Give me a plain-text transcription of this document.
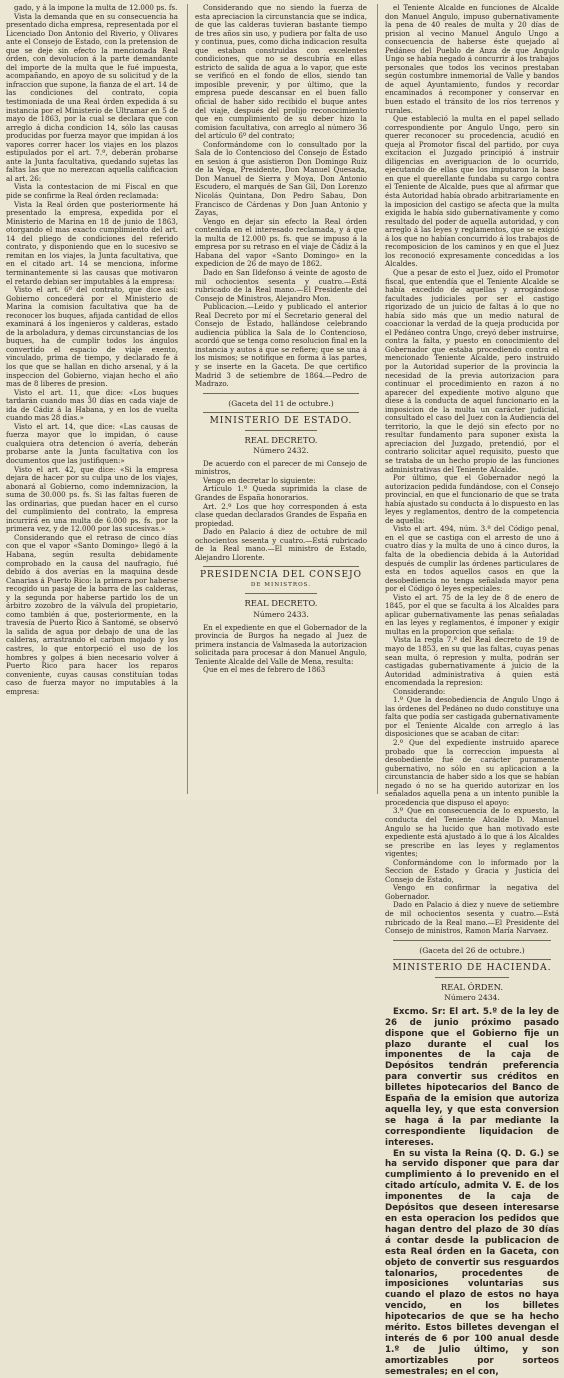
gado, y á la impone la multa de 12.000 ps. fs.

Vista la demanda que en su consecuencia ha presentado dicha empresa, representada por el Licenciado Don Antonio del Riverio, y Olivares ante el Consejo de Estado, con la pretension de que se deje sin efecto la mencionada Real órden, con devolucion á la parte demandante del importe de la multa que le fué impuesta, acompañando, en apoyo de su solicitud y de la infraccion que supone, la fianza de el art. 14 de las condiciones del contrato, copia testimoniada de una Real órden expedida á su instancia por el Ministerio de Ultramar en 5 de mayo de 1863, por la cual se declara que con arreglo á dicha condicion 14, sólo las causas producidas por fuerza mayor que impidan á los vapores correr hacer los viajes en los plazos estipulados por el art. 7.º, deberán probarse ante la Junta facultativa, quedando sujetas las faltas las que no merezcan aquella calificacion al art. 26:

Vista la contestacion de mi Fiscal en que pide se confirme la Real órden reclamada:

Vista la Real órden que posteriormente há presentado la empresa, expedida por el Ministerio de Marina en 18 de junio de 1863, otorgando el mas exacto cumplimiento del art. 14 del pliego de condiciones del referido contrato, y disponiendo que en lo sucesivo se remitan en los viajes, la Junta facultativa, que en el citado art. 14 se menciona, informe terminantemente si las causas que motivaron el retardo debian ser imputables á la empresa:

Visto el art. 6º del contrato, que dice así: Gobierno concederá por el Ministerio de Marina la comision facultativa que ha de reconocer los buques, afijada cantidad de ellos examinará á los ingenieros y calderas, estado de la arboladura, y demas circunstancias de los buques, ha de cumplir todos los ángulos convertido el espacio de viaje exento, vinculado, prima de tiempo, y declarado fe á los que que se hallan en dicho arsenal, y á la inspeccion del Gobierno, viajan hecho el año mas de 8 liberes de presion.

Visto el art. 11, que dice: «Los buques tardarán cuando mas 30 días en cada viaje de ida de Cádiz á la Habana, y en los de vuelta cuando mas 28 días.»

Visto el art. 14, que dice: «Las causas de fuerza mayor que lo impidan, ó cause cualquiera otra detencion ó avería, deberán probarse ante la Junta facultativa con los documentos que las justifiquen:»

Visto el art. 42, que dice: «Si la empresa dejara de hacer por su culpa uno de los viajes, abonará al Gobierno, como indemnizacion, la suma de 30.000 ps. fs. Si las faltas fueren de las ordinarias, que puedan hacer en el curso del cumplimiento del contrato, la empresa incurrirá en una multa de 6.000 ps. fs. por la primera vez, y de 12.000 por las sucesivas.»

Considerando que el retraso de cinco días con que el vapor «Santo Domingo» llegó á la Habana, según resulta debidamente comprobado en la causa del naufragio, fué debido á dos averías en la maquina desde Canarias á Puerto Rico: la primera por haberse recogido un pasaje de la barra de las calderas, y la segunda por haberse partido los de un árbitro zozobro de la válvula del propietario, como también á que, posteriormente, en la travesía de Puerto Rico á Santomé, se observó la salida de agua por debajo de una de las calderas, arrastrando el carbon mojado y los castres, lo que entorpeció el uso de los hombres y golpes á bien necesario volver á Puerto Rico para hacer los reparos conveniente, cuyas causas constituían todas caso de fuerza mayor no imputables á la empresa:

Considerando que no siendo la fuerza de esta apreciacion la circunstancia que se indica, de que las calderas tuvieran bastante tiempo de tres años sin uso, y pudiera por falta de uso y continua, pues, como dicha indicacion resulta que estaban construidas con excelentes condiciones, que no se descubría en ellas estricto de salida de agua a lo vapor, que este se verificó en el fondo de ellos, siendo tan imposible prevenir, y por último, que la empresa puede descansar en el buen fallo oficial de haber sido recibido el buque antes del viaje, después del prolijo reconocimiento que en cumplimiento de su deber hizo la comision facultativa, con arreglo al número 36 del artículo 6º del contrato;

Conformándome con lo consultado por la Sala de lo Contencioso del Consejo de Estado en sesion á que asistieron Don Domingo Ruiz de la Vega, Presidente, Don Manuel Quesada, Don Manuel de Sierra y Moya, Don Antonio Escudero, el marqués de San Gil, Don Lorenzo Nicolás Quintana, Don Pedro Sabau, Don Francisco de Cárdenas y Don Juan Antonio y Zayas,

Vengo en dejar sin efecto la Real órden contenida en el interesado reclamada, y á que la multa de 12.000 ps. fs. que se impuso á la empresa por su retraso en el viaje de Cádiz á la Habana del vapor «Santo Domingo» en la expedicion de 26 de mayo de 1862.

Dado en San Ildefonso á veinte de agosto de mil ochocientos sesenta y cuatro.—Está rubricado de la Real mano.—El Presidente del Consejo de Ministros, Alejandro Mon.

Publicacion.—Leido y publicado el anterior Real Decreto por mí el Secretario general del Consejo de Estado, hallándose celebrando audiencia pública la Sala de lo Contencioso, acordó que se tenga como resolucion final en la instancia y autos á que se refiere; que se una á los mismos; se notifique en forma á las partes, y se inserte en la Gaceta. De que certifico Madrid 3 de setiembre de 1864.—Pedro de Madrazo.

(Gaceta del 11 de octubre.)
MINISTERIO DE ESTADO.
REAL DECRETO.
Número 2432.

De acuerdo con el parecer de mi Consejo de ministros,

Vengo en decretar lo siguiente:

Artículo 1.º Queda suprimida la clase de Grandes de España honorarios.

Art. 2.º Los que hoy corresponden á esta clase quedan declarados Grandes de España en propiedad.

Dado en Palacio á diez de octubre de mil ochocientos sesenta y cuatro.—Está rubricado de la Real mano.—El ministro de Estado, Alejandro Llorente.

PRESIDENCIA DEL CONSEJO
DE MINISTROS.
REAL DECRETO.
Número 2433.

En el expediente en que el Gobernador de la provincia de Burgos ha negado al Juez de primera instancia de Valmaseda la autorizacion solicitada para procesar á don Manuel Angulo, Teniente Alcalde del Valle de Mena, resulta:

Que en el mes de febrero de 1863

el Teniente Alcalde en funciones de Alcalde don Manuel Angulo, impuso gubernativamente la pena de 40 reales de multa y 20 días de prision al vecino Manuel Angulo Ungo a consecuencia de haberse éste quejado al Pedáneo del Pueblo de Anza de que Angulo Ungo se había negado á concurrir á los trabajos personales que todos los vecinos prestaban según costumbre inmemorial de Valle y bandos de aquel Ayuntamiento, fundos y recordar encaminados á recomponer y conservar en buen estado el tránsito de los ríos terrenos y rurales.

Que estableció la multa en el papel sellado correspondiente por Angulo Ungo, pero sin querer reconocer su procedencia, acudió en queja al Promotor fiscal del partido, por cuya excitacion el Juzgado principió á instruir diligencias en averiguacion de lo ocurrido, ejecutando de ellas que los imputaron la base en que el querellante fundaba su cargo contra el Teniente de Alcalde, pues que al afirmar que ésta Autoridad había obrado arbitrariamente en la imposicion del castigo se afecta que la multa exigida le había sido gubernativamente y como resultado del poder de aquella autoridad, y con arreglo á las leyes y reglamentos, que se exigió á los que no habían concurrido á los trabajos de recomposicion de los caminos y en que el Juez los reconoció expresamente concedidas a los Alcaldes.

Que a pesar de esto el Juez, oído el Promotor fiscal, que entendía que el Teniente Alcalde se había excedido de aquellas y arrogándose facultades judiciales por ser el castigo rigorizado de un juicio de faltas á lo que no había sido más que un medio natural de coaccionar la verdad de la queja producida por el Pedáneo contra Ungo, creyó deber instruirse, contra la falta, y puesto en conocimiento del Gobernador que estaba procediendo contra el mencionado Teniente Alcalde, pero instruido por la Autoridad superior de la provincia la necesidad de la previa autorizacion para continuar el procedimiento en razon á no aparecer del expediente motivo alguno que diese á la conducta de aquel funcionario en la imposicion de la multa un carácter judicial, consultado el caso del Juez con la Audiencia del territorio, la que le dejó sin efecto por no resultar fundamento para suponer exista la apreciacion del Juzgado, pretendió, por el contrario solicitar aquel requisito, puesto que se trataba de un hecho propio de las funciones administrativas del Teniente Alcalde.

Por último, que el Gobernador negó la autorizacion pedida fundándose, con el Consejo provincial, en que el funcionario de que se trata había ajustado su conducta á lo dispuesto en las leyes y reglamentos, dentro de la competencia de aquella:

Visto el art. 494, núm. 3.º del Código penal, en el que se castiga con el arresto de uno á cuatro días y la multa de uno á cinco duros, la falta de la obediencia debida á la Autoridad después de cumplir las órdenes particulares de esta en todos aquellos casos en que la desobediencia no tenga señalada mayor pena por el Código ó leyes especiales:

Visto el art. 75 de la ley de 8 de enero de 1845, por el que se faculta á los Alcaldes para aplicar gubernativamente las penas señaladas en las leyes y reglamentos, é imponer y exigir multas en la proporcion que señala:

Vista la regla 7.ª del Real decreto de 19 de mayo de 1853, en su que las faltas, cuyas penas sean multa, ó represion y multa, podrán ser castigadas gubernativamente á juicio de la Autoridad administrativa á quien está encomendada la represion:

Considerando:

1.º Que la desobediencia de Angulo Ungo á las órdenes del Pedáneo no dudo constituye una falta que podía ser castigada gubernativamente por el Teniente Alcalde con arreglo á las disposiciones que se acaban de citar:

2.º Que del expediente instruido aparece probado que la correccion impuesta al desobediente fué de carácter puramente gubernativo, no sólo en su aplicacion a la circunstancia de haber sido a los que se habían negado ó no se ha querido autorizar en los señalados aquella pena a un intento punible la procedencia que dispuso el apoyo:

3.º Que en consecuencia de lo expuesto, la conducta del Teniente Alcalde D. Manuel Angulo se ha lucido que han motivado este expediente está ajustado á lo que á los Alcaldes se prescribe en las leyes y reglamentos vigentes;

Conformándome con lo informado por la Seccion de Estado y Gracia y Justicia del Consejo de Estado,

Vengo en confirmar la negativa del Gobernador.

Dado en Palacio á diez y nueve de setiembre de mil ochocientos sesenta y cuatro.—Está rubricado de la Real mano.—El Presidente del Consejo de ministros, Ramon María Narvaez.

(Gaceta del 26 de octubre.)
MINISTERIO DE HACIENDA.
REAL ÓRDEN.
Número 2434.

Excmo. Sr: El art. 5.º de la ley de 26 de junio próximo pasado dispone que el Gobierno fije un plazo durante el cual los imponentes de la caja de Depósitos tendrán preferencia para convertir sus créditos en billetes hipotecarios del Banco de España de la emision que autoriza aquella ley, y que esta conversion se haga á la par mediante la correspondiente liquidacion de intereses.

En su vista la Reina (Q. D. G.) se ha servido disponer que para dar cumplimiento á lo prevenido en el citado artículo, admita V. E. de los imponentes de la caja de Depósitos que deseen interesarse en esta operacion los pedidos que hagan dentro del plazo de 30 días á contar desde la publicacion de esta Real órden en la Gaceta, con objeto de convertir sus resguardos talonarios, procedentes de imposiciones voluntarias sus cuando el plazo de estos no haya vencido, en los billetes hipotecarios de que se ha hecho mérito. Estos billetes devengan el interés de 6 por 100 anual desde 1.º de Julio último, y son amortizables por sorteos semestrales; en el con,
